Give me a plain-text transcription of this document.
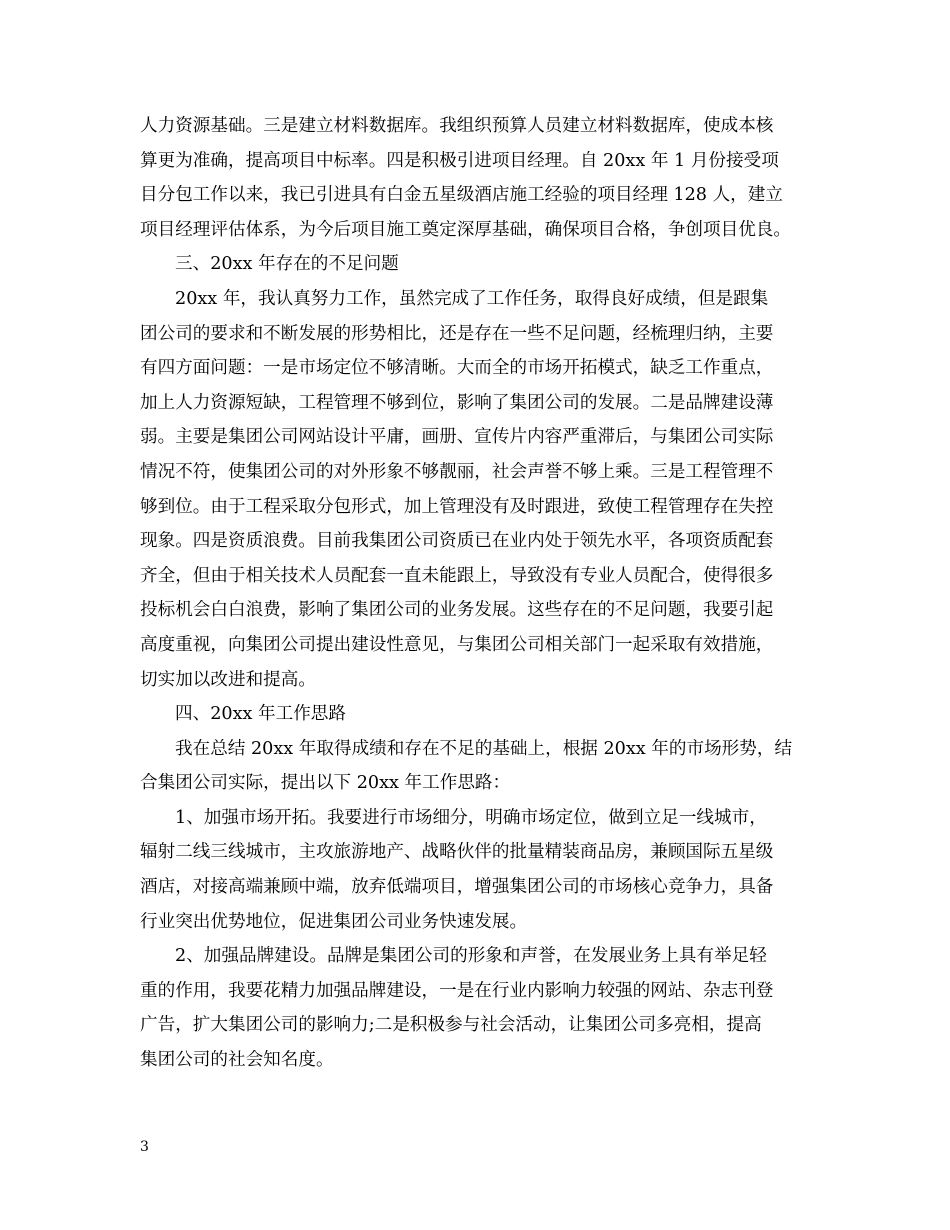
人力资源基础。三是建立材料数据库。我组织预算人员建立材料数据库，使成本核
算更为准确，提高项目中标率。四是积极引进项目经理。自 20xx 年 1 月份接受项
目分包工作以来，我已引进具有白金五星级酒店施工经验的项目经理 128 人，建立
项目经理评估体系，为今后项目施工奠定深厚基础，确保项目合格，争创项目优良。
三、20xx 年存在的不足问题
20xx 年，我认真努力工作，虽然完成了工作任务，取得良好成绩，但是跟集
团公司的要求和不断发展的形势相比，还是存在一些不足问题，经梳理归纳，主要
有四方面问题：一是市场定位不够清晰。大而全的市场开拓模式，缺乏工作重点，
加上人力资源短缺，工程管理不够到位，影响了集团公司的发展。二是品牌建设薄
弱。主要是集团公司网站设计平庸，画册、宣传片内容严重滞后，与集团公司实际
情况不符，使集团公司的对外形象不够靓丽，社会声誉不够上乘。三是工程管理不
够到位。由于工程采取分包形式，加上管理没有及时跟进，致使工程管理存在失控
现象。四是资质浪费。目前我集团公司资质已在业内处于领先水平，各项资质配套
齐全，但由于相关技术人员配套一直未能跟上，导致没有专业人员配合，使得很多
投标机会白白浪费，影响了集团公司的业务发展。这些存在的不足问题，我要引起
高度重视，向集团公司提出建设性意见，与集团公司相关部门一起采取有效措施，
切实加以改进和提高。
四、20xx 年工作思路
我在总结 20xx 年取得成绩和存在不足的基础上，根据 20xx 年的市场形势，结
合集团公司实际，提出以下 20xx 年工作思路：
1、加强市场开拓。我要进行市场细分，明确市场定位，做到立足一线城市，
辐射二线三线城市，主攻旅游地产、战略伙伴的批量精装商品房，兼顾国际五星级
酒店，对接高端兼顾中端，放弃低端项目，增强集团公司的市场核心竞争力，具备
行业突出优势地位，促进集团公司业务快速发展。
2、加强品牌建设。品牌是集团公司的形象和声誉，在发展业务上具有举足轻
重的作用，我要花精力加强品牌建设，一是在行业内影响力较强的网站、杂志刊登
广告，扩大集团公司的影响力;二是积极参与社会活动，让集团公司多亮相，提高
集团公司的社会知名度。
3
